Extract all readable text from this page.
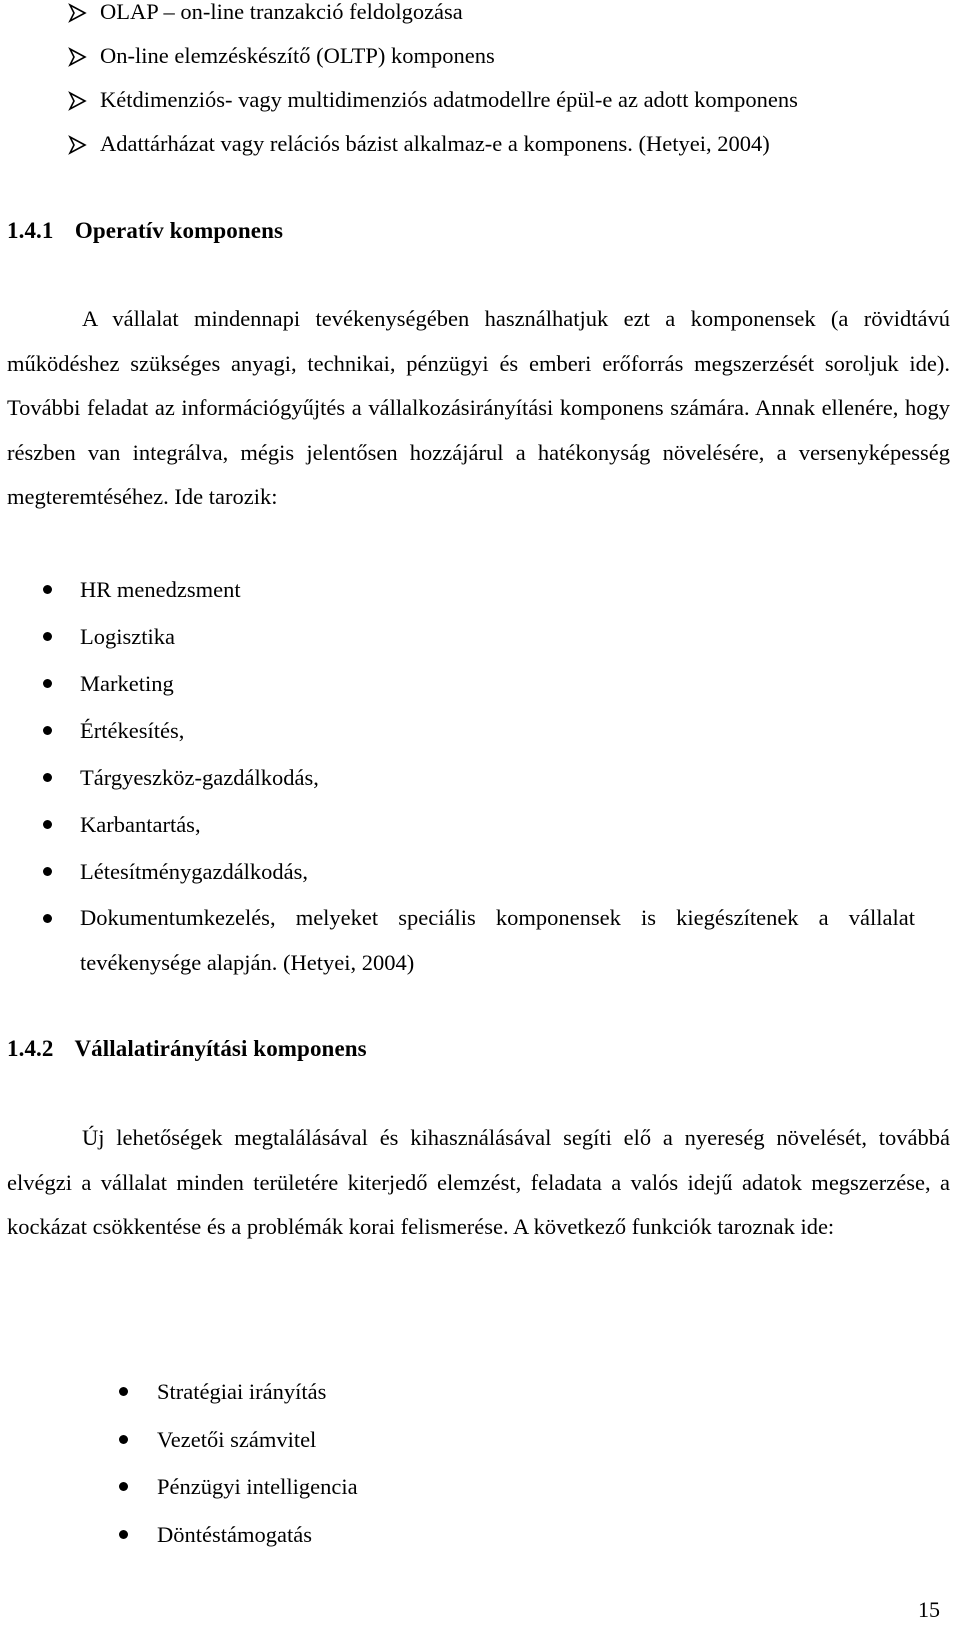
OLAP – on-line tranzakció feldolgozása
On-line elemzéskészítő (OLTP) komponens
Kétdimenziós- vagy multidimenziós adatmodellre épül-e az adott komponens
Adattárházat vagy relációs bázist alkalmaz-e a komponens. (Hetyei, 2004)
1.4.1 Operatív komponens

A vállalat mindennapi tevékenységében használhatjuk ezt a komponensek (a rövidtávú működéshez szükséges anyagi, technikai, pénzügyi és emberi erőforrás megszerzését soroljuk ide). További feladat az információgyűjtés a vállalkozásirányítási komponens számára. Annak ellenére, hogy részben van integrálva, mégis jelentősen hozzájárul a hatékonyság növelésére, a versenyképesség megteremtéséhez. Ide tarozik:

HR menedzsment
Logisztika
Marketing
Értékesítés,
Tárgyeszköz-gazdálkodás,
Karbantartás,
Létesítménygazdálkodás,
Dokumentumkezelés, melyeket speciális komponensek is kiegészítenek a vállalat tevékenysége alapján. (Hetyei, 2004)
1.4.2 Vállalatirányítási komponens

Új lehetőségek megtalálásával és kihasználásával segíti elő a nyereség növelését, továbbá elvégzi a vállalat minden területére kiterjedő elemzést, feladata a valós idejű adatok megszerzése, a kockázat csökkentése és a problémák korai felismerése. A következő funkciók taroznak ide:

Stratégiai irányítás
Vezetői számvitel
Pénzügyi intelligencia
Döntéstámogatás
15
